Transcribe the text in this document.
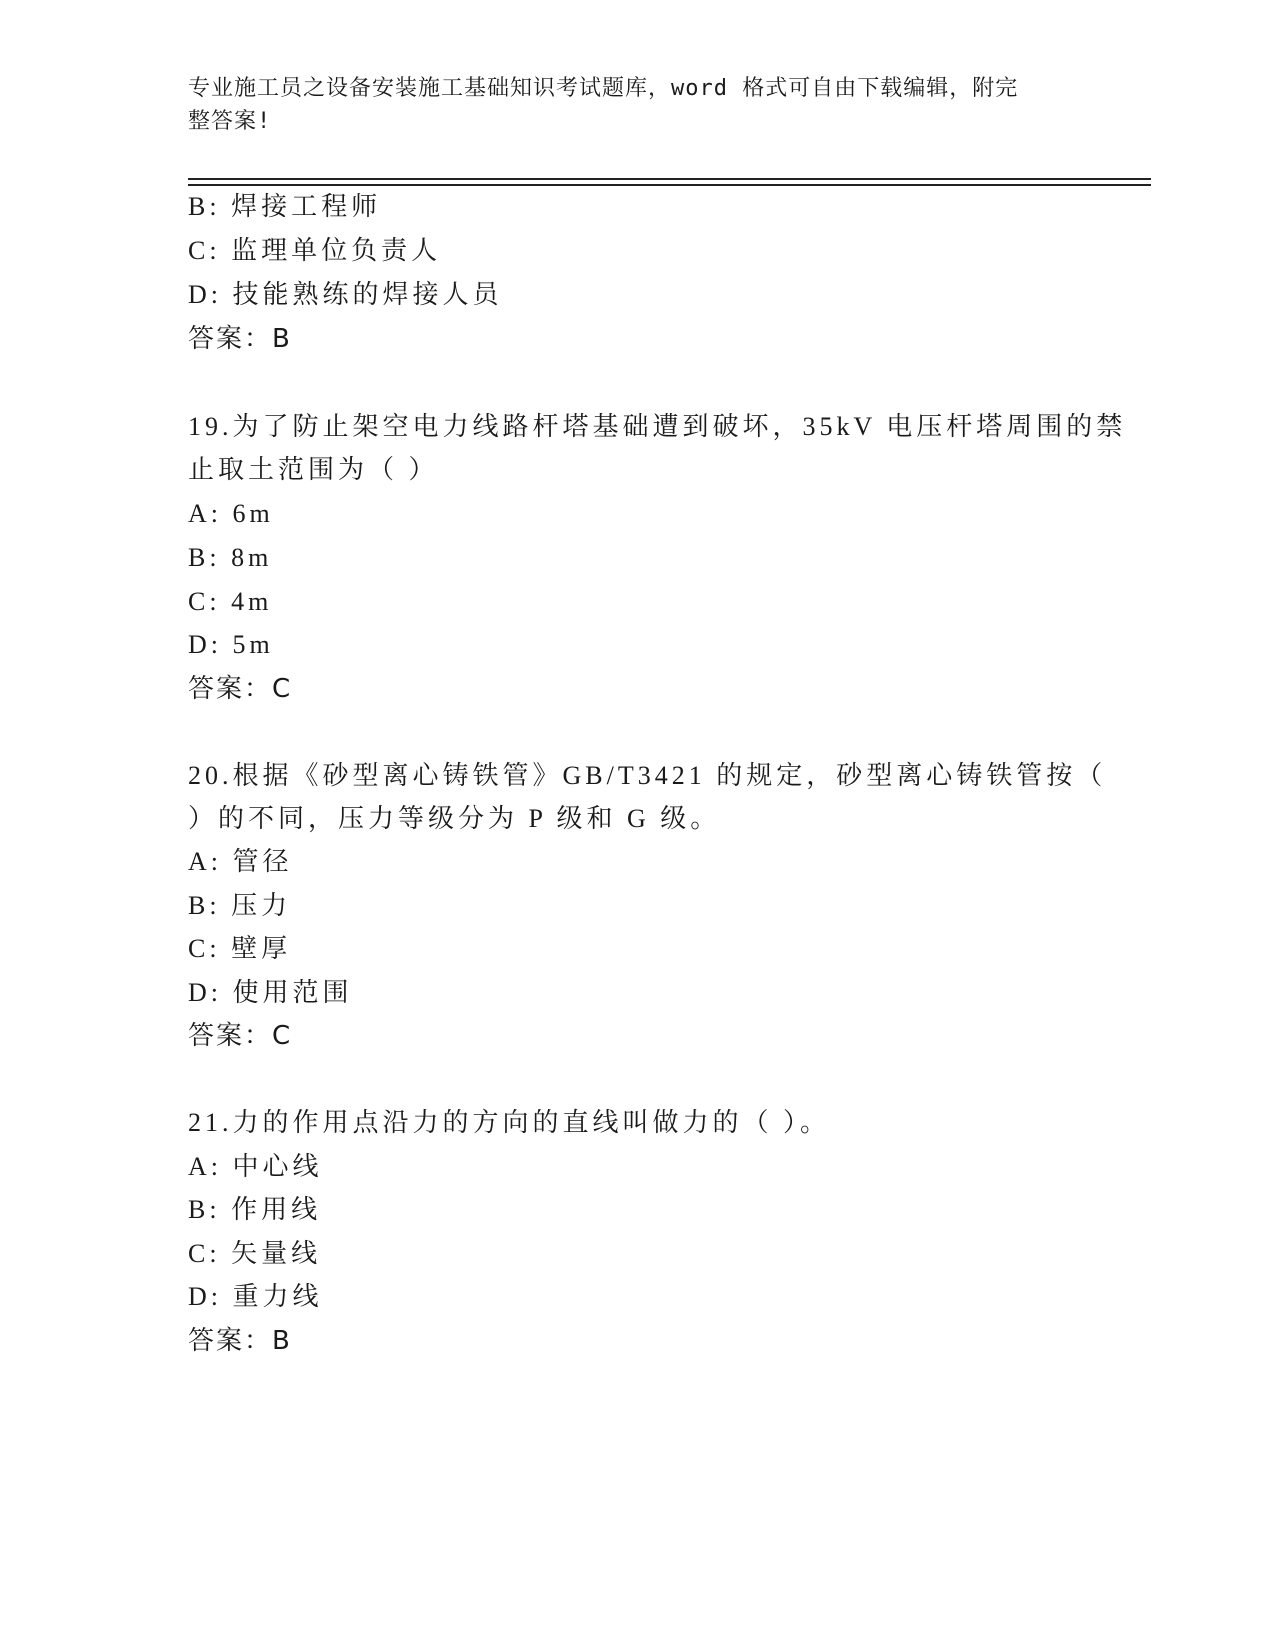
专业施工员之设备安装施工基础知识考试题库，word 格式可自由下载编辑，附完
整答案!
B: 焊接工程师
C: 监理单位负责人
D: 技能熟练的焊接人员
答案：B
19.为了防止架空电力线路杆塔基础遭到破坏，35kV 电压杆塔周围的禁
止取土范围为（ ）
A: 6m
B: 8m
C: 4m
D: 5m
答案：C
20.根据《砂型离心铸铁管》GB/T3421 的规定，砂型离心铸铁管按（
）的不同，压力等级分为 P 级和 G 级。
A: 管径
B: 压力
C: 壁厚
D: 使用范围
答案：C
21.力的作用点沿力的方向的直线叫做力的（ ）。
A: 中心线
B: 作用线
C: 矢量线
D: 重力线
答案：B
